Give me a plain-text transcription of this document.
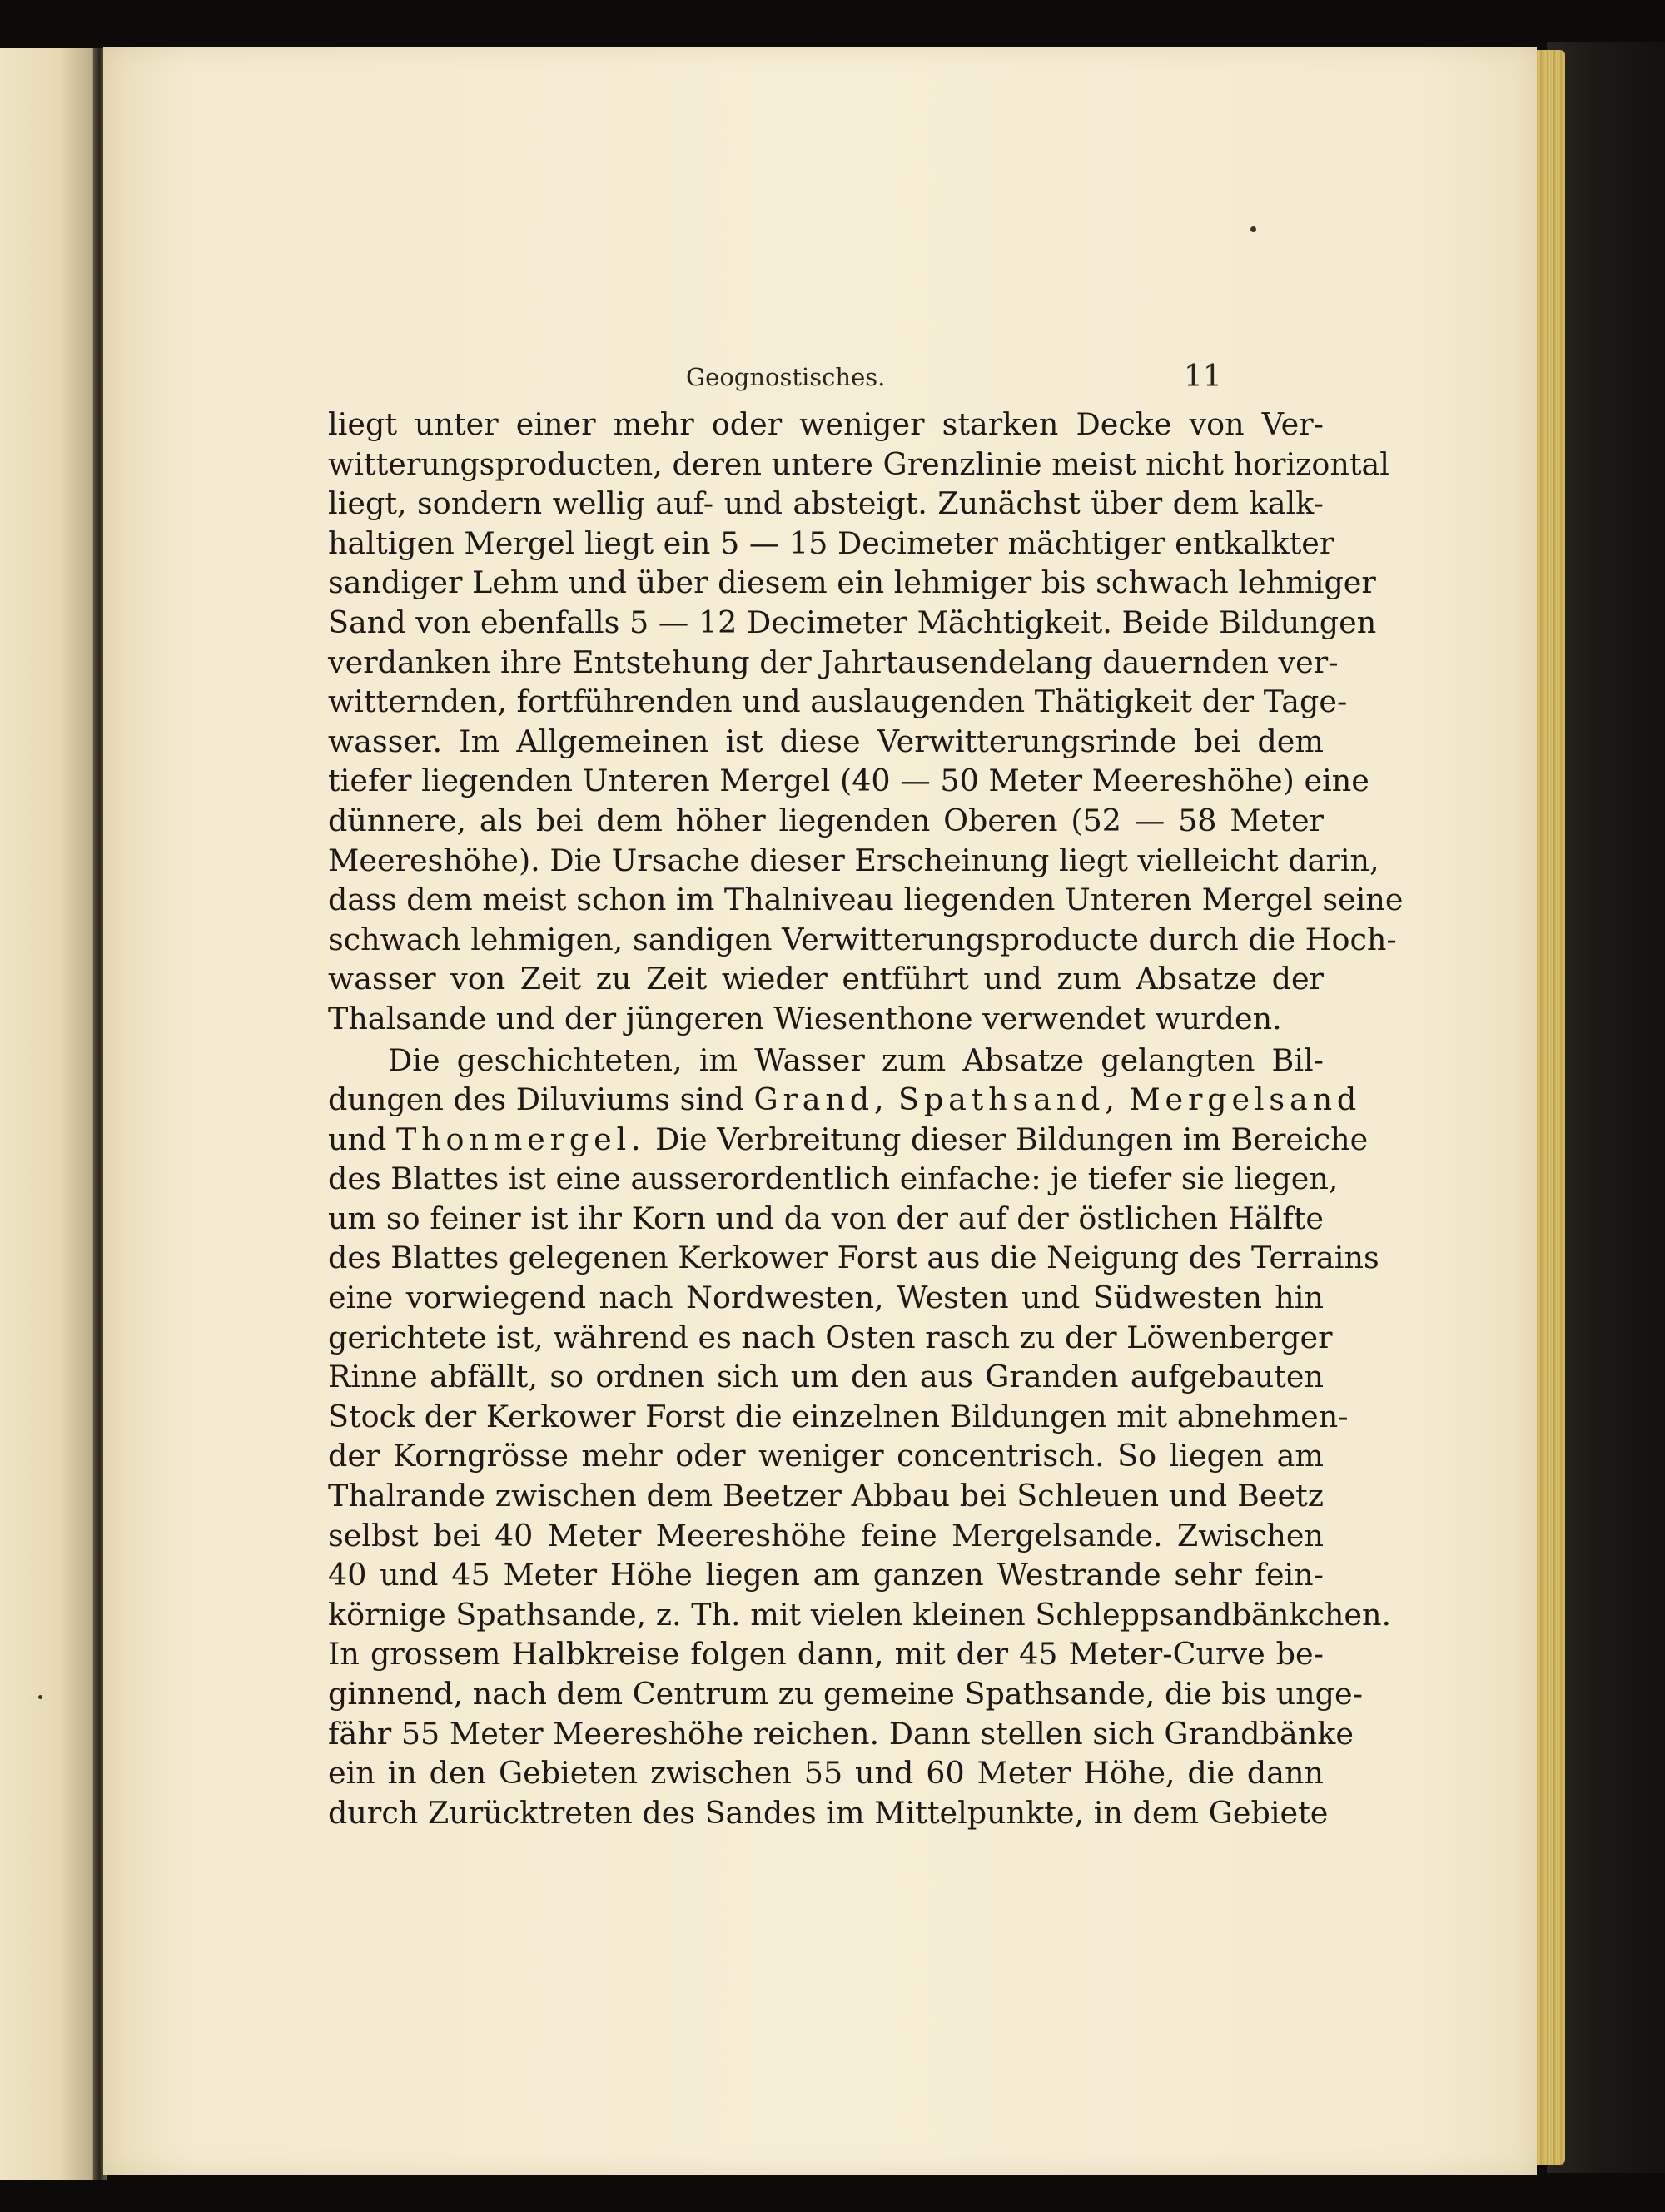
Geognostisches.	11
liegt unter einer mehr oder weniger starken Decke von Ver-
witterungsproducten, deren untere Grenzlinie meist nicht horizontal
liegt, sondern wellig auf- und absteigt. Zunächst über dem kalk-
haltigen Mergel liegt ein 5 — 15 Decimeter mächtiger entkalkter
sandiger Lehm und über diesem ein lehmiger bis schwach lehmiger
Sand von ebenfalls 5 — 12 Decimeter Mächtigkeit. Beide Bildungen
verdanken ihre Entstehung der Jahrtausendelang dauernden ver-
witternden, fortführenden und auslaugenden Thätigkeit der Tage-
wasser. Im Allgemeinen ist diese Verwitterungsrinde bei dem
tiefer liegenden Unteren Mergel (40 — 50 Meter Meereshöhe) eine
dünnere, als bei dem höher liegenden Oberen (52 — 58 Meter
Meereshöhe). Die Ursache dieser Erscheinung liegt vielleicht darin,
dass dem meist schon im Thalniveau liegenden Unteren Mergel seine
schwach lehmigen, sandigen Verwitterungsproducte durch die Hoch-
wasser von Zeit zu Zeit wieder entführt und zum Absatze der
Thalsande und der jüngeren Wiesenthone verwendet wurden.
Die geschichteten, im Wasser zum Absatze gelangten Bil-
dungen des Diluviums sind Grand, Spathsand, Mergelsand
und Thonmergel. Die Verbreitung dieser Bildungen im Bereiche
des Blattes ist eine ausserordentlich einfache: je tiefer sie liegen,
um so feiner ist ihr Korn und da von der auf der östlichen Hälfte
des Blattes gelegenen Kerkower Forst aus die Neigung des Terrains
eine vorwiegend nach Nordwesten, Westen und Südwesten hin
gerichtete ist, während es nach Osten rasch zu der Löwenberger
Rinne abfällt, so ordnen sich um den aus Granden aufgebauten
Stock der Kerkower Forst die einzelnen Bildungen mit abnehmen-
der Korngrösse mehr oder weniger concentrisch. So liegen am
Thalrande zwischen dem Beetzer Abbau bei Schleuen und Beetz
selbst bei 40 Meter Meereshöhe feine Mergelsande. Zwischen
40 und 45 Meter Höhe liegen am ganzen Westrande sehr fein-
körnige Spathsande, z. Th. mit vielen kleinen Schleppsandbänkchen.
In grossem Halbkreise folgen dann, mit der 45 Meter-Curve be-
ginnend, nach dem Centrum zu gemeine Spathsande, die bis unge-
fähr 55 Meter Meereshöhe reichen. Dann stellen sich Grandbänke
ein in den Gebieten zwischen 55 und 60 Meter Höhe, die dann
durch Zurücktreten des Sandes im Mittelpunkte, in dem Gebiete
